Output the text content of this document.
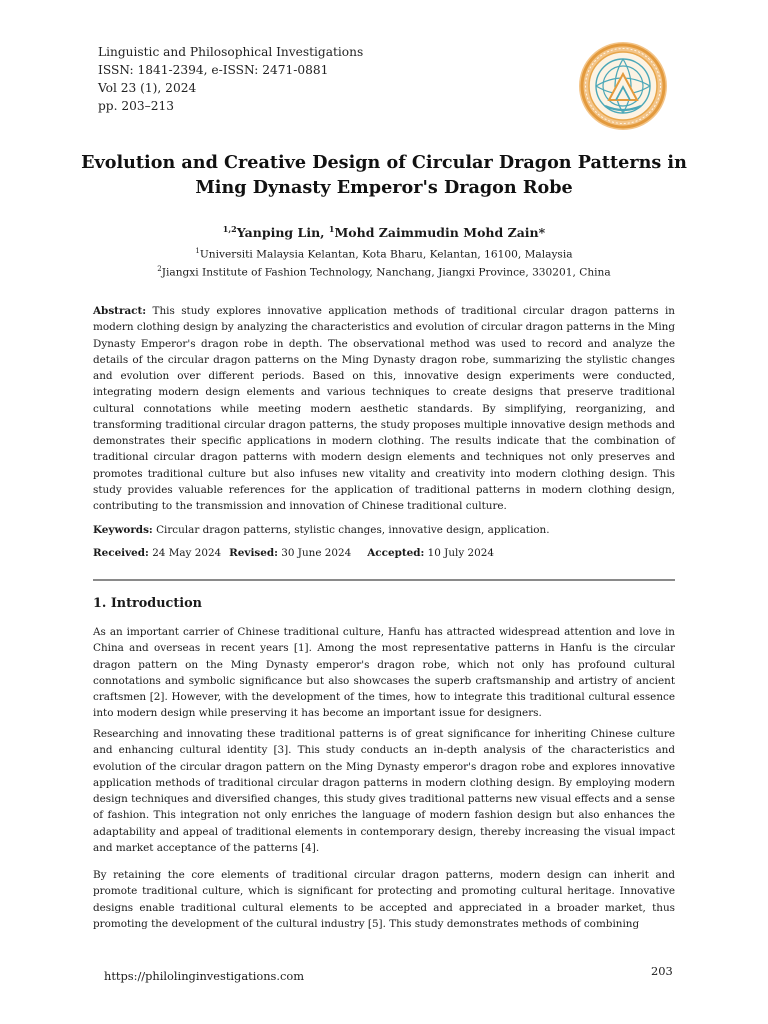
Linguistic and Philosophical Investigations
ISSN: 1841-2394, e-ISSN: 2471-0881
Vol 23 (1), 2024
pp. 203–213
Evolution and Creative Design of Circular Dragon Patterns in
Ming Dynasty Emperor's Dragon Robe
$^{1,2}$Yanping Lin, $^1$Mohd Zaimmudin Mohd Zain*
$^1$Universiti Malaysia Kelantan, Kota Bharu, Kelantan, 16100, Malaysia
$^2$Jiangxi Institute of Fashion Technology, Nanchang, Jiangxi Province, 330201, China
Abstract: This study explores innovative application methods of traditional circular dragon patterns in modern clothing design by analyzing the characteristics and evolution of circular dragon patterns in the Ming Dynasty Emperor's dragon robe in depth. The observational method was used to record and analyze the details of the circular dragon patterns on the Ming Dynasty dragon robe, summarizing the stylistic changes and evolution over different periods. Based on this, innovative design experiments were conducted, integrating modern design elements and various techniques to create designs that preserve traditional cultural connotations while meeting modern aesthetic standards. By simplifying, reorganizing, and transforming traditional circular dragon patterns, the study proposes multiple innovative design methods and demonstrates their specific applications in modern clothing. The results indicate that the combination of traditional circular dragon patterns with modern design elements and techniques not only preserves and promotes traditional culture but also infuses new vitality and creativity into modern clothing design. This study provides valuable references for the application of traditional patterns in modern clothing design, contributing to the transmission and innovation of Chinese traditional culture.
Keywords: Circular dragon patterns, stylistic changes, innovative design, application.
Received: 24 May 2024 Revised: 30 June 2024 Accepted: 10 July 2024
1. Introduction

As an important carrier of Chinese traditional culture, Hanfu has attracted widespread attention and love in China and overseas in recent years [1]. Among the most representative patterns in Hanfu is the circular dragon pattern on the Ming Dynasty emperor's dragon robe, which not only has profound cultural connotations and symbolic significance but also showcases the superb craftsmanship and artistry of ancient craftsmen [2]. However, with the development of the times, how to integrate this traditional cultural essence into modern design while preserving it has become an important issue for designers.

Researching and innovating these traditional patterns is of great significance for inheriting Chinese culture and enhancing cultural identity [3]. This study conducts an in-depth analysis of the characteristics and evolution of the circular dragon pattern on the Ming Dynasty emperor's dragon robe and explores innovative application methods of traditional circular dragon patterns in modern clothing design. By employing modern design techniques and diversified changes, this study gives traditional patterns new visual effects and a sense of fashion. This integration not only enriches the language of modern fashion design but also enhances the adaptability and appeal of traditional elements in contemporary design, thereby increasing the visual impact and market acceptance of the patterns [4].

By retaining the core elements of traditional circular dragon patterns, modern design can inherit and promote traditional culture, which is significant for protecting and promoting cultural heritage. Innovative designs enable traditional cultural elements to be accepted and appreciated in a broader market, thus promoting the development of the cultural industry [5]. This study demonstrates methods of combining

https://philolinginvestigations.com	203
